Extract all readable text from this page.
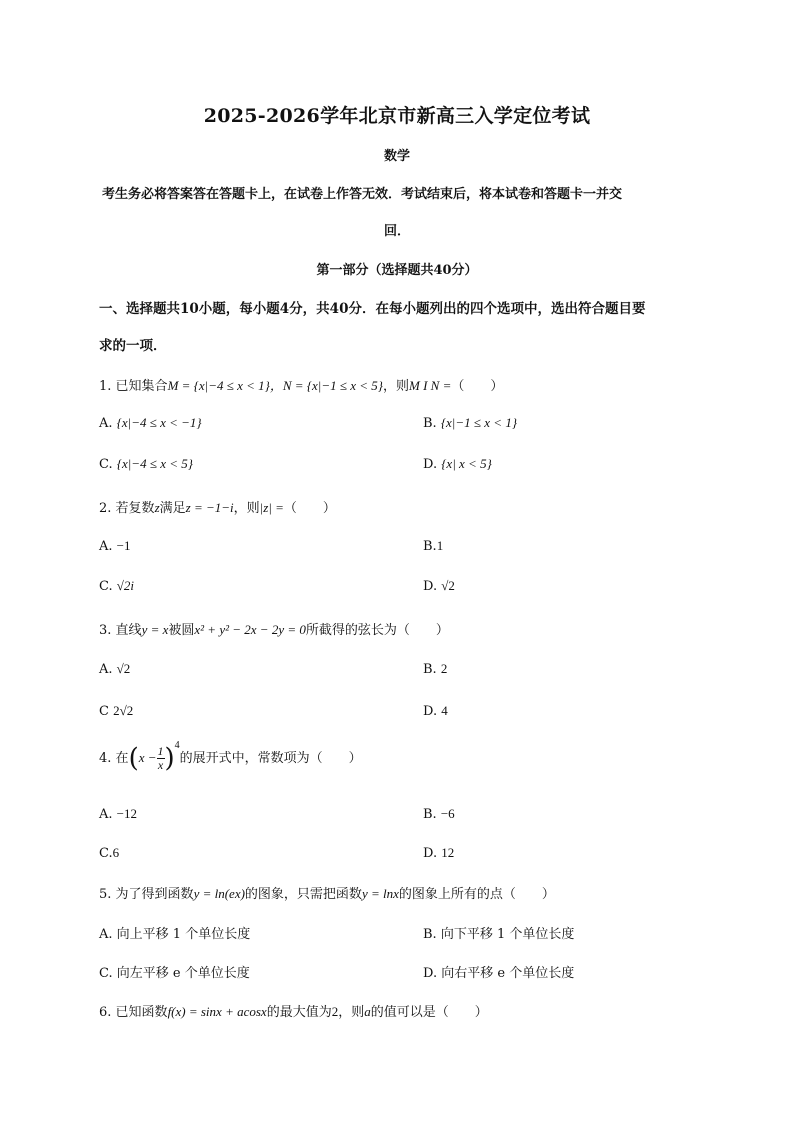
2025-2026学年北京市新高三入学定位考试
数学
考生务必将答案答在答题卡上，在试卷上作答无效．考试结束后，将本试卷和答题卡一并交
回．
第一部分（选择题共40分）
一、选择题共10小题，每小题4分，共40分．在每小题列出的四个选项中，选出符合题目要
求的一项．
1. 已知集合M = {x|−4 ≤ x < 1}，N = {x|−1 ≤ x < 5}，则M I N =（　　）
A. {x|−4 ≤ x < −1}	B. {x|−1 ≤ x < 1}
C. {x|−4 ≤ x < 5}	D. {x| x < 5}
2. 若复数z满足z = −1−i，则|z| =（　　）
A. −1	B.1
C. √2i	D. √2
3. 直线y = x被圆x² + y² − 2x − 2y = 0所截得的弦长为（　　）
A. √2	B. 2
C 2√2	D. 4
4. 在$(x - \frac{1}{x} )^4$的展开式中，常数项为（　　）
A. −12	B. −6
C.6	D. 12
5. 为了得到函数y = ln(ex)的图象，只需把函数y = lnx的图象上所有的点（　　）
A. 向上平移 1 个单位长度	B. 向下平移 1 个单位长度
C. 向左平移 e 个单位长度	D. 向右平移 e 个单位长度
6. 已知函数f(x) = sinx + acosx的最大值为2，则a的值可以是（　　）
